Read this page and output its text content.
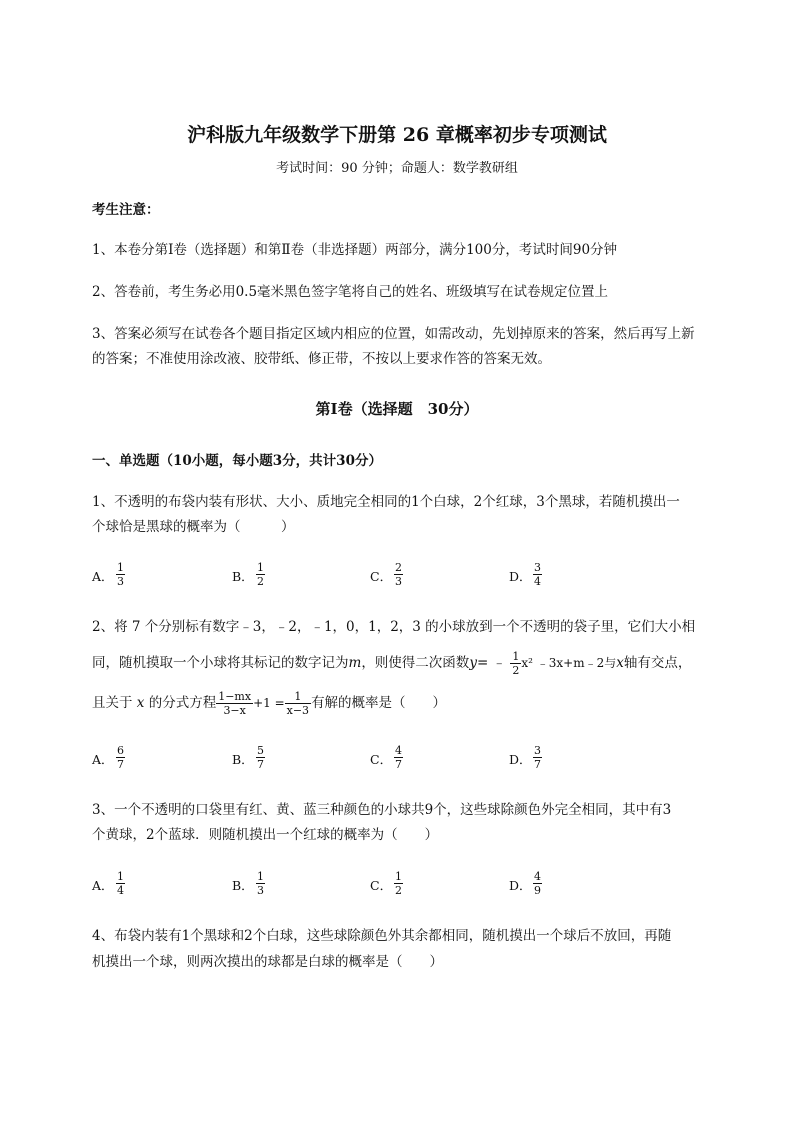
沪科版九年级数学下册第 26 章概率初步专项测试
考试时间：90 分钟；命题人：数学教研组
考生注意：
1、本卷分第Ⅰ卷（选择题）和第Ⅱ卷（非选择题）两部分，满分100分，考试时间90分钟
2、答卷前，考生务必用0.5毫米黑色签字笔将自己的姓名、班级填写在试卷规定位置上
3、答案必须写在试卷各个题目指定区域内相应的位置，如需改动，先划掉原来的答案，然后再写上新
的答案；不准使用涂改液、胶带纸、修正带，不按以上要求作答的答案无效。
第Ⅰ卷（选择题　30分）
一、单选题（10小题，每小题3分，共计30分）
1、不透明的布袋内装有形状、大小、质地完全相同的1个白球，2个红球，3个黑球，若随机摸出一
个球恰是黑球的概率为（　　　）
A． $\frac{1}{3}$	B． $\frac{1}{2}$	C． $\frac{2}{3}$	D． $\frac{3}{4}$
2、将 7 个分别标有数字﹣3，﹣2，﹣1，0，1，2，3 的小球放到一个不透明的袋子里，它们大小相
同，随机摸取一个小球将其标记的数字记为m，则使得二次函数y= ﹣ $\frac{1}{2} x^2$ ﹣3x+m﹣2与x轴有交点，
且关于 x 的分式方程 $\frac{1-mx}{3-x} +1 = \frac{1}{x-3}$ 有解的概率是（　　）
A． $\frac{6}{7}$	B． $\frac{5}{7}$	C． $\frac{4}{7}$	D． $\frac{3}{7}$
3、一个不透明的口袋里有红、黄、蓝三种颜色的小球共9个，这些球除颜色外完全相同，其中有3
个黄球，2个蓝球．则随机摸出一个红球的概率为（　　）
A． $\frac{1}{4}$	B． $\frac{1}{3}$	C． $\frac{1}{2}$	D． $\frac{4}{9}$
4、布袋内装有1个黑球和2个白球，这些球除颜色外其余都相同，随机摸出一个球后不放回，再随
机摸出一个球，则两次摸出的球都是白球的概率是（　　）
